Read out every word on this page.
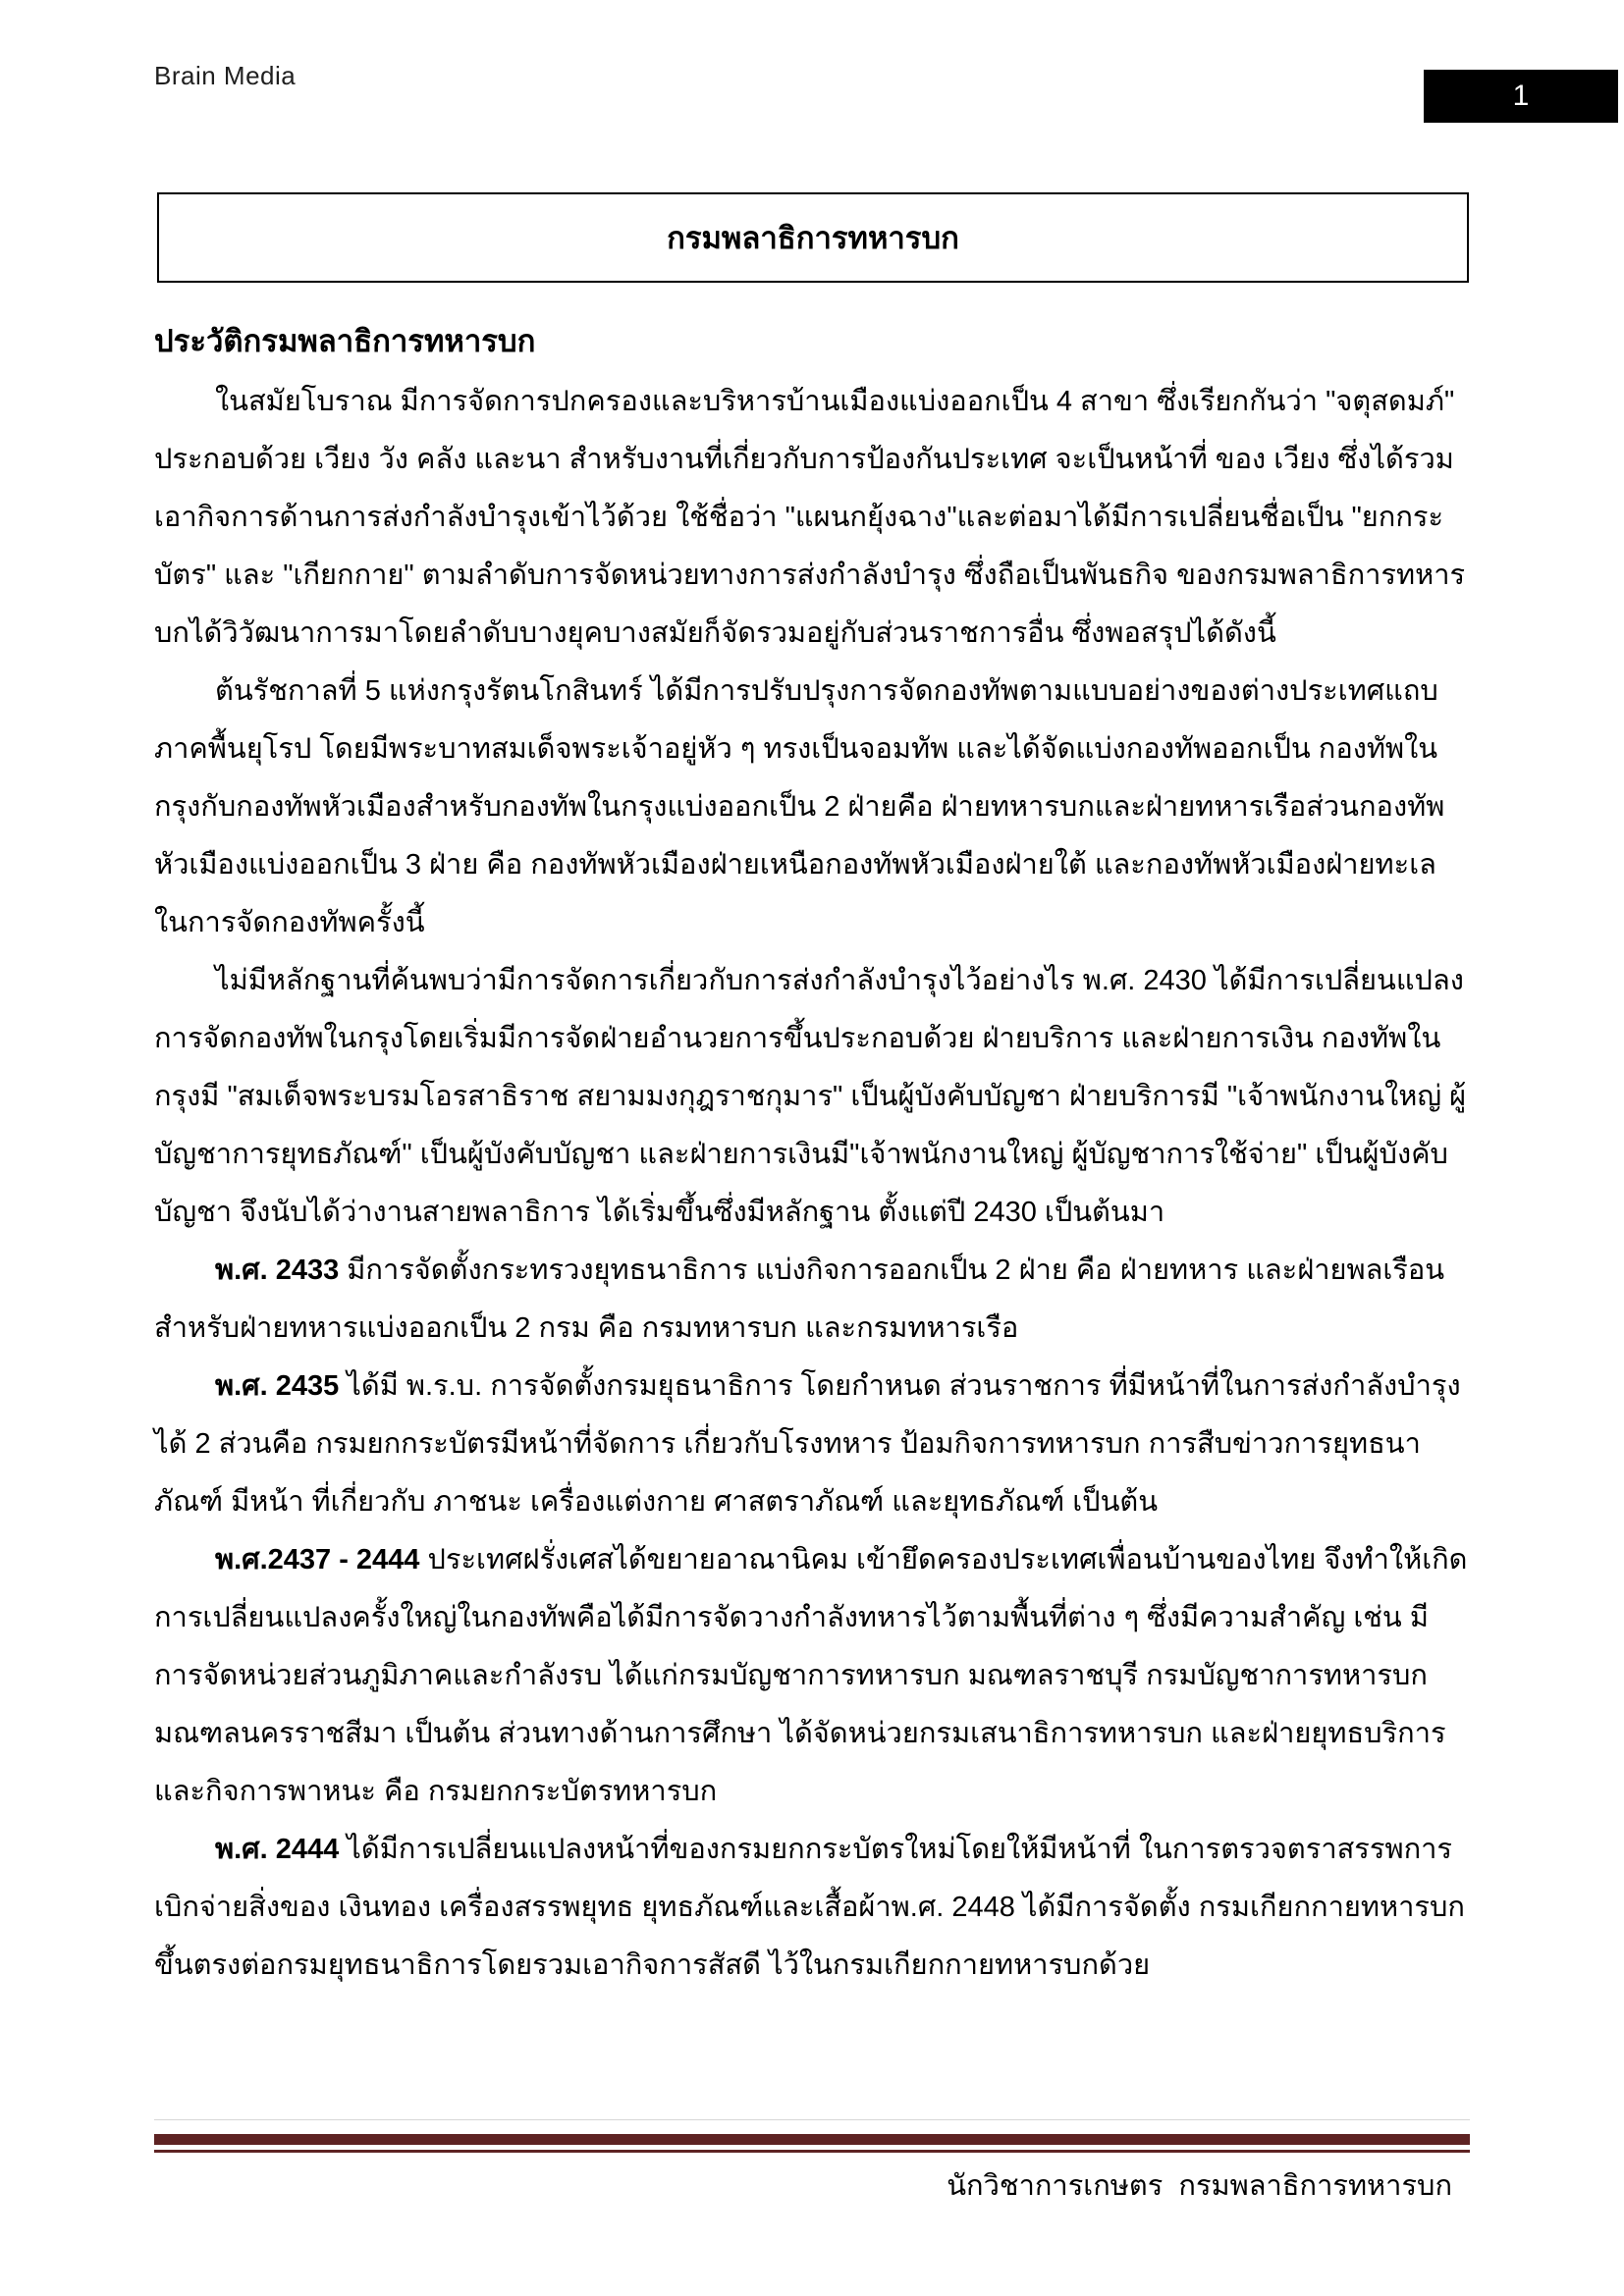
Brain Media
1
กรมพลาธิการทหารบก
ประวัติกรมพลาธิการทหารบก

ในสมัยโบราณ มีการจัดการปกครองและบริหารบ้านเมืองแบ่งออกเป็น 4 สาขา ซึ่งเรียกกันว่า "จตุสดมภ์" ประกอบด้วย เวียง วัง คลัง และนา สำหรับงานที่เกี่ยวกับการป้องกันประเทศ จะเป็นหน้าที่ ของ เวียง ซึ่งได้รวมเอากิจการด้านการส่งกำลังบำรุงเข้าไว้ด้วย ใช้ชื่อว่า "แผนกยุ้งฉาง"และต่อมาได้มีการเปลี่ยนชื่อเป็น "ยกกระบัตร" และ "เกียกกาย" ตามลำดับการจัดหน่วยทางการส่งกำลังบำรุง ซึ่งถือเป็นพันธกิจ ของกรมพลาธิการทหารบกได้วิวัฒนาการมาโดยลำดับบางยุคบางสมัยก็จัดรวมอยู่กับส่วนราชการอื่น ซึ่งพอสรุปได้ดังนี้

ต้นรัชกาลที่ 5 แห่งกรุงรัตนโกสินทร์ ได้มีการปรับปรุงการจัดกองทัพตามแบบอย่างของต่างประเทศแถบภาคพื้นยุโรป โดยมีพระบาทสมเด็จพระเจ้าอยู่หัว ๆ ทรงเป็นจอมทัพ และได้จัดแบ่งกองทัพออกเป็น กองทัพในกรุงกับกองทัพหัวเมืองสำหรับกองทัพในกรุงแบ่งออกเป็น 2 ฝ่ายคือ ฝ่ายทหารบกและฝ่ายทหารเรือส่วนกองทัพหัวเมืองแบ่งออกเป็น 3 ฝ่าย คือ กองทัพหัวเมืองฝ่ายเหนือกองทัพหัวเมืองฝ่ายใต้ และกองทัพหัวเมืองฝ่ายทะเล ในการจัดกองทัพครั้งนี้

ไม่มีหลักฐานที่ค้นพบว่ามีการจัดการเกี่ยวกับการส่งกำลังบำรุงไว้อย่างไร พ.ศ. 2430 ได้มีการเปลี่ยนแปลงการจัดกองทัพในกรุงโดยเริ่มมีการจัดฝ่ายอำนวยการขึ้นประกอบด้วย ฝ่ายบริการ และฝ่ายการเงิน กองทัพในกรุงมี "สมเด็จพระบรมโอรสาธิราช สยามมงกุฎราชกุมาร" เป็นผู้บังคับบัญชา ฝ่ายบริการมี "เจ้าพนักงานใหญ่ ผู้บัญชาการยุทธภัณฑ์" เป็นผู้บังคับบัญชา และฝ่ายการเงินมี"เจ้าพนักงานใหญ่ ผู้บัญชาการใช้จ่าย" เป็นผู้บังคับบัญชา จึงนับได้ว่างานสายพลาธิการ ได้เริ่มขึ้นซึ่งมีหลักฐาน ตั้งแต่ปี 2430 เป็นต้นมา

พ.ศ. 2433 มีการจัดตั้งกระทรวงยุทธนาธิการ แบ่งกิจการออกเป็น 2 ฝ่าย คือ ฝ่ายทหาร และฝ่ายพลเรือน สำหรับฝ่ายทหารแบ่งออกเป็น 2 กรม คือ กรมทหารบก และกรมทหารเรือ

พ.ศ. 2435 ได้มี พ.ร.บ. การจัดตั้งกรมยุธนาธิการ โดยกำหนด ส่วนราชการ ที่มีหน้าที่ในการส่งกำลังบำรุงได้ 2 ส่วนคือ กรมยกกระบัตรมีหน้าที่จัดการ เกี่ยวกับโรงทหาร ป้อมกิจการทหารบก การสืบข่าวการยุทธนาภัณฑ์ มีหน้า ที่เกี่ยวกับ ภาชนะ เครื่องแต่งกาย ศาสตราภัณฑ์ และยุทธภัณฑ์ เป็นต้น

พ.ศ.2437 - 2444 ประเทศฝรั่งเศสได้ขยายอาณานิคม เข้ายึดครองประเทศเพื่อนบ้านของไทย จึงทำให้เกิดการเปลี่ยนแปลงครั้งใหญ่ในกองทัพคือได้มีการจัดวางกำลังทหารไว้ตามพื้นที่ต่าง ๆ ซึ่งมีความสำคัญ เช่น มีการจัดหน่วยส่วนภูมิภาคและกำลังรบ ได้แก่กรมบัญชาการทหารบก มณฑลราชบุรี กรมบัญชาการทหารบกมณฑลนครราชสีมา เป็นต้น ส่วนทางด้านการศึกษา ได้จัดหน่วยกรมเสนาธิการทหารบก และฝ่ายยุทธบริการและกิจการพาหนะ คือ กรมยกกระบัตรทหารบก

พ.ศ. 2444 ได้มีการเปลี่ยนแปลงหน้าที่ของกรมยกกระบัตรใหม่โดยให้มีหน้าที่ ในการตรวจตราสรรพการ เบิกจ่ายสิ่งของ เงินทอง เครื่องสรรพยุทธ ยุทธภัณฑ์และเสื้อผ้าพ.ศ. 2448 ได้มีการจัดตั้ง กรมเกียกกายทหารบก ขึ้นตรงต่อกรมยุทธนาธิการโดยรวมเอากิจการสัสดี ไว้ในกรมเกียกกายทหารบกด้วย

นักวิชาการเกษตร  กรมพลาธิการทหารบก
